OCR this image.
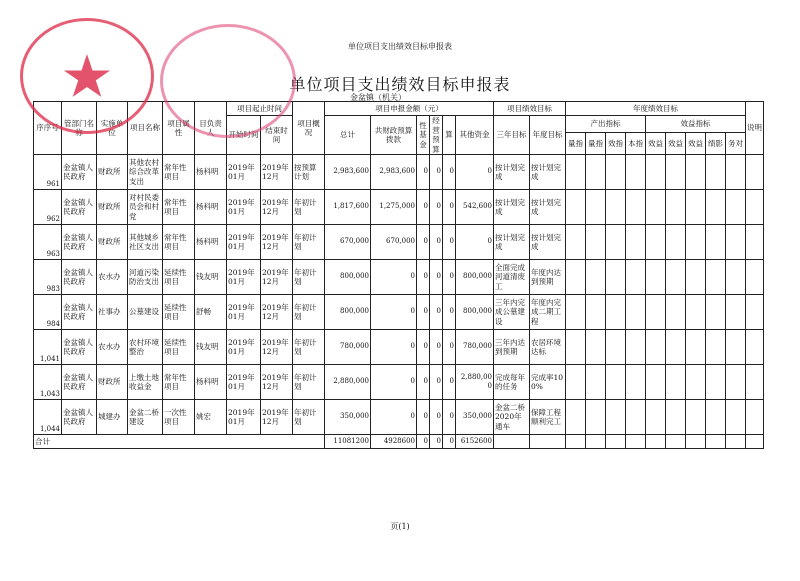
单位项目支出绩效目标申报表
单位项目支出绩效目标申报表
金盆镇（机关）
序序号	管部门名称	实施单位	项目名称	项目属性	目负责人	项目起止时间		项目概况	项目申报金额（元）						项目绩效目标		年度绩效目标									说明
						开始时间	结束时间		总计	共财政预算拨款	性基金	经营预算	算	其他资金	三年目标	年度目标	产出指标				效益指标					
																	量指	量指	效指	本指	效益	效益	效益	绩影	务对	
961	金盆镇人民政府	财政所	其他农村综合改革支出	常年性项目	杨科明	2019年01月	2019年12月	按预算计划	2,983,600	2,983,600	0	0	0	0	按计划完成	按计划完成										
962	金盆镇人民政府	财政所	对村民委员会和村党	常年性项目	杨科明	2019年01月	2019年12月	年初计划	1,817,600	1,275,000	0	0	0	542,600	按计划完成	按计划完成										
963	金盆镇人民政府	财政所	其他城乡社区支出	常年性项目	杨科明	2019年01月	2019年12月	年初计划	670,000	670,000	0	0	0	0	按计划完成	按计划完成										
983	金盆镇人民政府	农水办	河道污染防治支出	延续性项目	钱友明	2019年01月	2019年12月	年初计划	800,000	0	0	0	0	800,000	全面完成河道清废工	年度内达到预期										
984	金盆镇人民政府	社事办	公墓建设	延续性项目	舒畅	2019年01月	2019年12月	年初计划	800,000	0	0	0	0	800,000	三年内完成公墓建设	年度内完成二期工程										
1,041	金盆镇人民政府	农水办	农村环境整治	延续性项目	钱友明	2019年01月	2019年12月	年初计划	780,000	0	0	0	0	780,000	三年内达到预期	农居环境达标										
1,043	金盆镇人民政府	财政所	上缴土地收益金	常年性项目	杨科明	2019年01月	2019年12月	年初计划	2,880,000	0	0	0	0	2,880,000	完成每年的任务	完成率100%										
1,044	金盆镇人民政府	城建办	金盆二桥建设	一次性项目	姚宏	2019年01月	2019年12月	年初计划	350,000	0	0	0	0	350,000	金盆二桥2020年通车	保障工程顺利完工										
合计									11081200	4928600	0	0	0	6152600												
页(1)
